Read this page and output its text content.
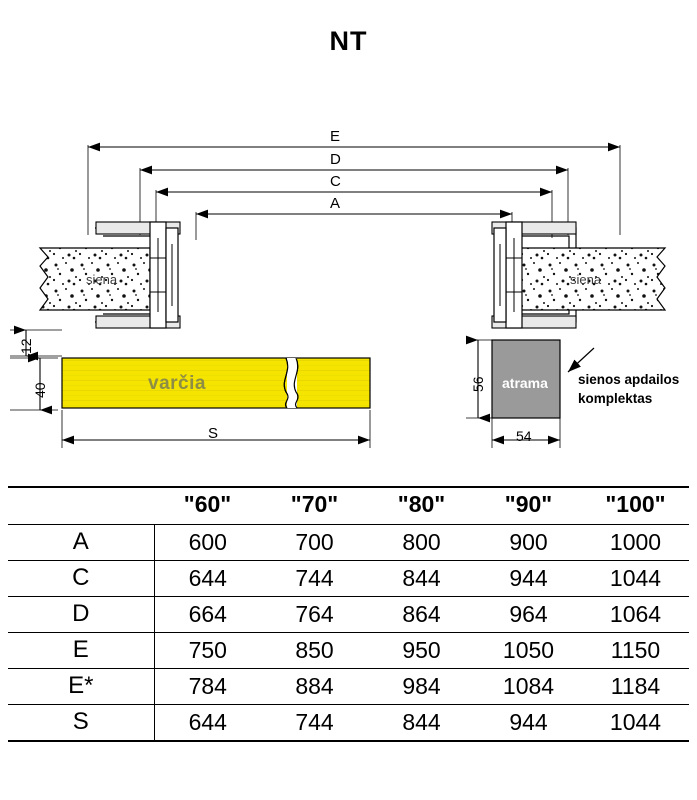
NT
E
D
C
A
siena	siena
varčia	atrama
S
12
40	56
54
sienos apdailos
komplektas
	"60"	"70"	"80"	"90"	"100"
A	600	700	800	900	1000
C	644	744	844	944	1044
D	664	764	864	964	1064
E	750	850	950	1050	1150
E*	784	884	984	1084	1184
S	644	744	844	944	1044
